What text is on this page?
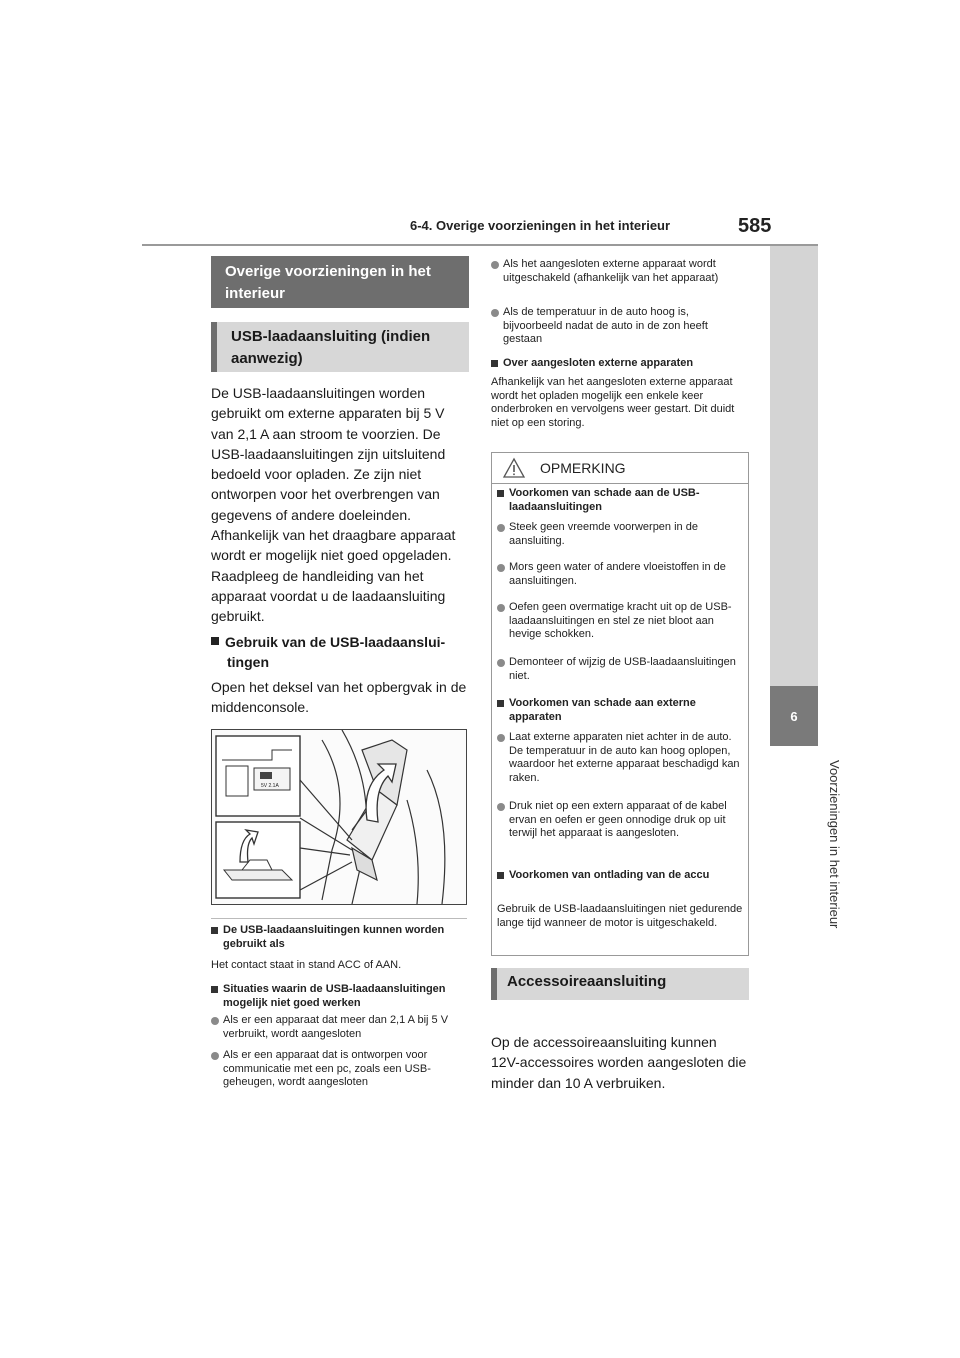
6-4. Overige voorzieningen in het interieur	585
6
Voorzieningen in het interieur
Overige voorzieningen in het interieur
USB-laadaansluiting (indien aanwezig)
De USB-laadaansluitingen worden gebruikt om externe apparaten bij 5 V van 2,1 A aan stroom te voorzien. De USB-laadaansluitingen zijn uitsluitend bedoeld voor opladen. Ze zijn niet ontworpen voor het overbrengen van gegevens of andere doeleinden. Afhankelijk van het draagbare apparaat wordt er mogelijk niet goed opgeladen. Raadpleeg de handleiding van het apparaat voordat u de laadaansluiting gebruikt.
Gebruik van de USB-laadaanslui-
tingen
Open het deksel van het opbergvak in de middenconsole.
5V 2.1A
De USB-laadaansluitingen kunnen worden gebruikt als
Het contact staat in stand ACC of AAN.
Situaties waarin de USB-laadaansluitingen mogelijk niet goed werken
Als er een apparaat dat meer dan 2,1 A bij 5 V verbruikt, wordt aangesloten
Als er een apparaat dat is ontworpen voor communicatie met een pc, zoals een USB-geheugen, wordt aangesloten
Als het aangesloten externe apparaat wordt uitgeschakeld (afhankelijk van het apparaat)
Als de temperatuur in de auto hoog is, bijvoorbeeld nadat de auto in de zon heeft gestaan
Over aangesloten externe apparaten
Afhankelijk van het aangesloten externe apparaat wordt het opladen mogelijk een enkele keer onderbroken en vervolgens weer gestart. Dit duidt niet op een storing.
OPMERKING
Voorkomen van schade aan de USB-laadaansluitingen
Steek geen vreemde voorwerpen in de aansluiting.
Mors geen water of andere vloeistoffen in de aansluitingen.
Oefen geen overmatige kracht uit op de USB-laadaansluitingen en stel ze niet bloot aan hevige schokken.
Demonteer of wijzig de USB-laadaansluitingen niet.
Voorkomen van schade aan externe apparaten
Laat externe apparaten niet achter in de auto. De temperatuur in de auto kan hoog oplopen, waardoor het externe apparaat beschadigd kan raken.
Druk niet op een extern apparaat of de kabel ervan en oefen er geen onnodige druk op uit terwijl het apparaat is aangesloten.
Voorkomen van ontlading van de accu
Gebruik de USB-laadaansluitingen niet gedurende lange tijd wanneer de motor is uitgeschakeld.
Accessoireaansluiting
Op de accessoireaansluiting kunnen 12V-accessoires worden aangesloten die minder dan 10 A verbruiken.
